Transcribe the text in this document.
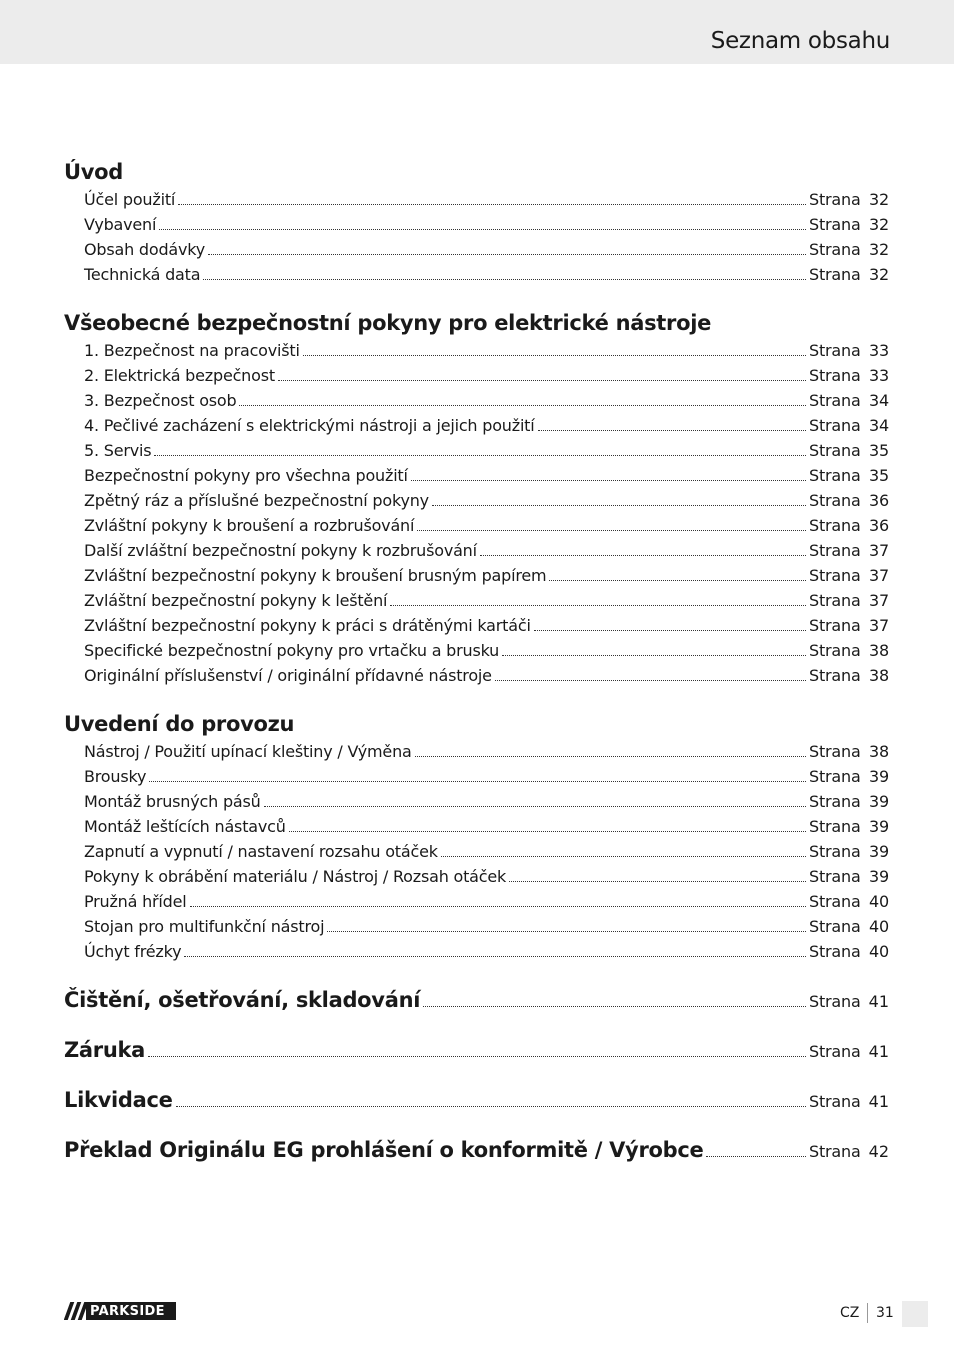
Seznam obsahu
Úvod
Účel použití	Strana 32
Vybavení	Strana 32
Obsah dodávky	Strana 32
Technická data	Strana 32
Všeobecné bezpečnostní pokyny pro elektrické nástroje
1. Bezpečnost na pracovišti	Strana 33
2. Elektrická bezpečnost	Strana 33
3. Bezpečnost osob	Strana 34
4. Pečlivé zacházení s elektrickými nástroji a jejich použití	Strana 34
5. Servis	Strana 35
Bezpečnostní pokyny pro všechna použití	Strana 35
Zpětný ráz a příslušné bezpečnostní pokyny	Strana 36
Zvláštní pokyny k broušení a rozbrušování	Strana 36
Další zvláštní bezpečnostní pokyny k rozbrušování	Strana 37
Zvláštní bezpečnostní pokyny k broušení brusným papírem	Strana 37
Zvláštní bezpečnostní pokyny k leštění	Strana 37
Zvláštní bezpečnostní pokyny k práci s drátěnými kartáči	Strana 37
Specifické bezpečnostní pokyny pro vrtačku a brusku	Strana 38
Originální příslušenství / originální přídavné nástroje	Strana 38
Uvedení do provozu
Nástroj / Použití upínací kleštiny / Výměna	Strana 38
Brousky	Strana 39
Montáž brusných pásů	Strana 39
Montáž leštících nástavců	Strana 39
Zapnutí a vypnutí / nastavení rozsahu otáček	Strana 39
Pokyny k obrábění materiálu / Nástroj / Rozsah otáček	Strana 39
Pružná hřídel	Strana 40
Stojan pro multifunkční nástroj	Strana 40
Úchyt frézky	Strana 40
Čištění, ošetřování, skladování	Strana 41
Záruka	Strana 41
Likvidace	Strana 41
Překlad Originálu EG prohlášení o konformitě / Výrobce	Strana 42
PARKSIDE	CZ 31
